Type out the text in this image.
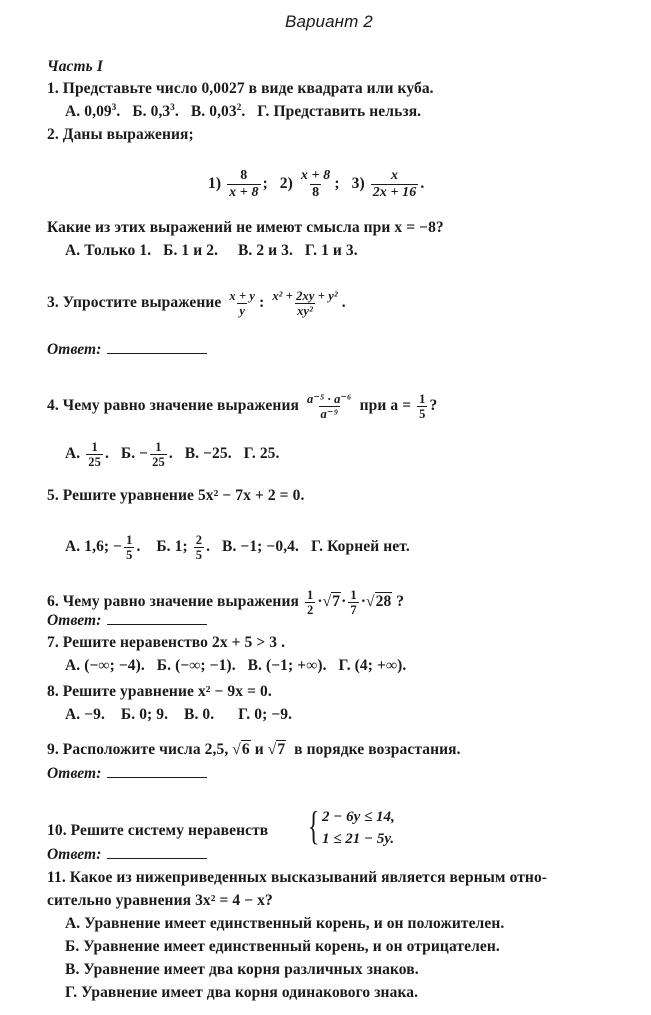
Вариант 2
Часть I
1. Представьте число 0,0027 в виде квадрата или куба.
А. 0,09$^3$. Б. $0,3^3$. В. 0,03$^2$. Г. Представить нельзя.
2. Даны выражения;
$1) \frac{8}{x + 8}$ ; $2) \frac{x + 8}{8}$ ; $3) \frac{x}{2x + 16}$ .
Какие из этих выражений не имеют смысла при x = −8?
А. Только 1.   Б. 1 и 2.     В. 2 и 3.   Г. 1 и 3.
3. Упростите выражение $\frac{x + y}{y}$ : $\frac{\text{x² + 2xy + y²}}{\text{xy²}}$ .
Ответ:
4. Чему равно значение выражения $\frac{\text{a⁻⁵ · a⁻⁶}}{\text{a⁻⁹}}$ при $a = \frac{1}{5}$ ?
А. $\frac{1}{25}$ .   Б. − $\frac{1}{25}$ .   В. −25. Г. 25.
5. Решите уравнение 5x² − 7x + 2 = 0.
А. 1,6; − $\frac{1}{5}$ .    Б. 1; $\frac{2}{5}$ .   В. −1; −0,4. Г. Корней нет.
6. Чему равно значение выражения $\frac{1}{2} \cdot√7\cdot \frac{1}{7} \cdot√28$ ?
Ответ:
7. Решите неравенство 2x + 5 > 3 .
А. (−∞; −4).   Б. (−∞; −1).   В. (−1; +∞).   Г. (4; +∞).
8. Решите уравнение x² − 9x = 0.
А. −9.    Б. 0; 9.    В. 0.      Г. 0; −9.
9. Расположите числа 2,5, √6 и √7 в порядке возрастания.
Ответ:
10. Решите систему неравенств { 2 − 6y ≤ 14,
1 ≤ 21 − 5y.
Ответ:
11. Какое из нижеприведенных высказываний является верным отно-
сительно уравнения 3x² = 4 − x?
А. Уравнение имеет единственный корень, и он положителен.
Б. Уравнение имеет единственный корень, и он отрицателен.
В. Уравнение имеет два корня различных знаков.
Г. Уравнение имеет два корня одинакового знака.
